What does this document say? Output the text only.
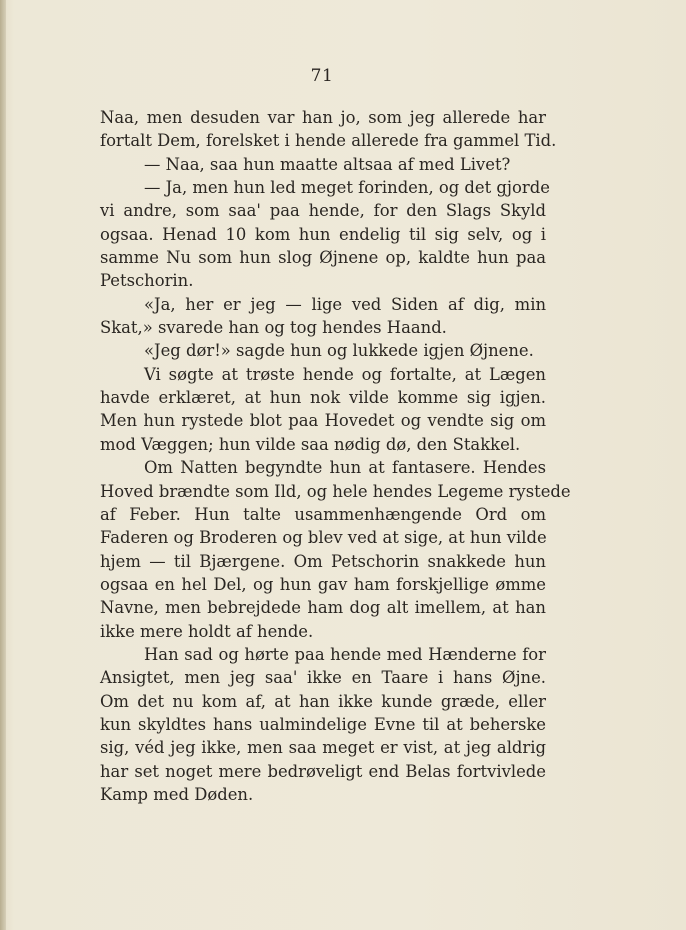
71
Naa, men desuden var han jo, som jeg allerede har
fortalt Dem, forelsket i hende allerede fra gammel Tid.
— Naa, saa hun maatte altsaa af med Livet?
— Ja, men hun led meget forinden, og det gjorde
vi andre, som saa' paa hende, for den Slags Skyld
ogsaa. Henad 10 kom hun endelig til sig selv, og i
samme Nu som hun slog Øjnene op, kaldte hun paa
Petschorin.
«Ja, her er jeg — lige ved Siden af dig, min
Skat,» svarede han og tog hendes Haand.
«Jeg dør!» sagde hun og lukkede igjen Øjnene.
Vi søgte at trøste hende og fortalte, at Lægen
havde erklæret, at hun nok vilde komme sig igjen.
Men hun rystede blot paa Hovedet og vendte sig om
mod Væggen; hun vilde saa nødig dø, den Stakkel.
Om Natten begyndte hun at fantasere. Hendes
Hoved brændte som Ild, og hele hendes Legeme rystede
af Feber. Hun talte usammenhængende Ord om
Faderen og Broderen og blev ved at sige, at hun vilde
hjem — til Bjærgene. Om Petschorin snakkede hun
ogsaa en hel Del, og hun gav ham forskjellige ømme
Navne, men bebrejdede ham dog alt imellem, at han
ikke mere holdt af hende.
Han sad og hørte paa hende med Hænderne for
Ansigtet, men jeg saa' ikke en Taare i hans Øjne.
Om det nu kom af, at han ikke kunde græde, eller
kun skyldtes hans ualmindelige Evne til at beherske
sig, véd jeg ikke, men saa meget er vist, at jeg aldrig
har set noget mere bedrøveligt end Belas fortvivlede
Kamp med Døden.
